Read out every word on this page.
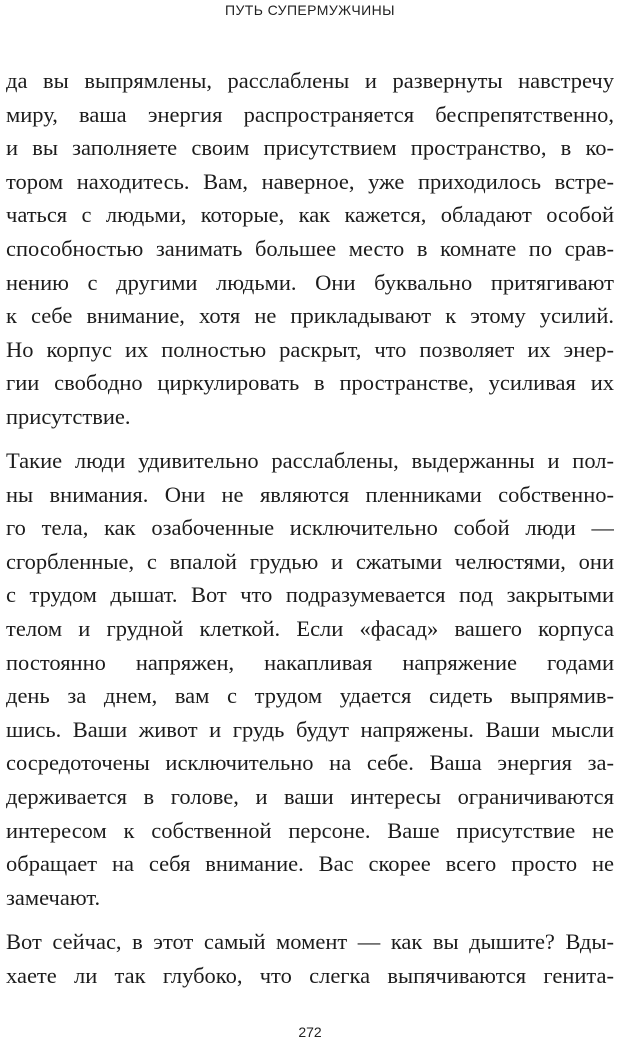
ПУТЬ СУПЕРМУЖЧИНЫ
да вы выпрямлены, расслаблены и развернуты навстречу
миру, ваша энергия распространяется беспрепятственно,
и вы заполняете своим присутствием пространство, в ко-
тором находитесь. Вам, наверное, уже приходилось встре-
чаться с людьми, которые, как кажется, обладают особой
способностью занимать большее место в комнате по срав-
нению с другими людьми. Они буквально притягивают
к себе внимание, хотя не прикладывают к этому усилий.
Но корпус их полностью раскрыт, что позволяет их энер-
гии свободно циркулировать в пространстве, усиливая их
присутствие.
Такие люди удивительно расслаблены, выдержанны и пол-
ны внимания. Они не являются пленниками собственно-
го тела, как озабоченные исключительно собой люди —
сгорбленные, с впалой грудью и сжатыми челюстями, они
с трудом дышат. Вот что подразумевается под закрытыми
телом и грудной клеткой. Если «фасад» вашего корпуса
постоянно напряжен, накапливая напряжение годами
день за днем, вам с трудом удается сидеть выпрямив-
шись. Ваши живот и грудь будут напряжены. Ваши мысли
сосредоточены исключительно на себе. Ваша энергия за-
держивается в голове, и ваши интересы ограничиваются
интересом к собственной персоне. Ваше присутствие не
обращает на себя внимание. Вас скорее всего просто не
замечают.
Вот сейчас, в этот самый момент — как вы дышите? Вды-
хаете ли так глубоко, что слегка выпячиваются генита-
272
